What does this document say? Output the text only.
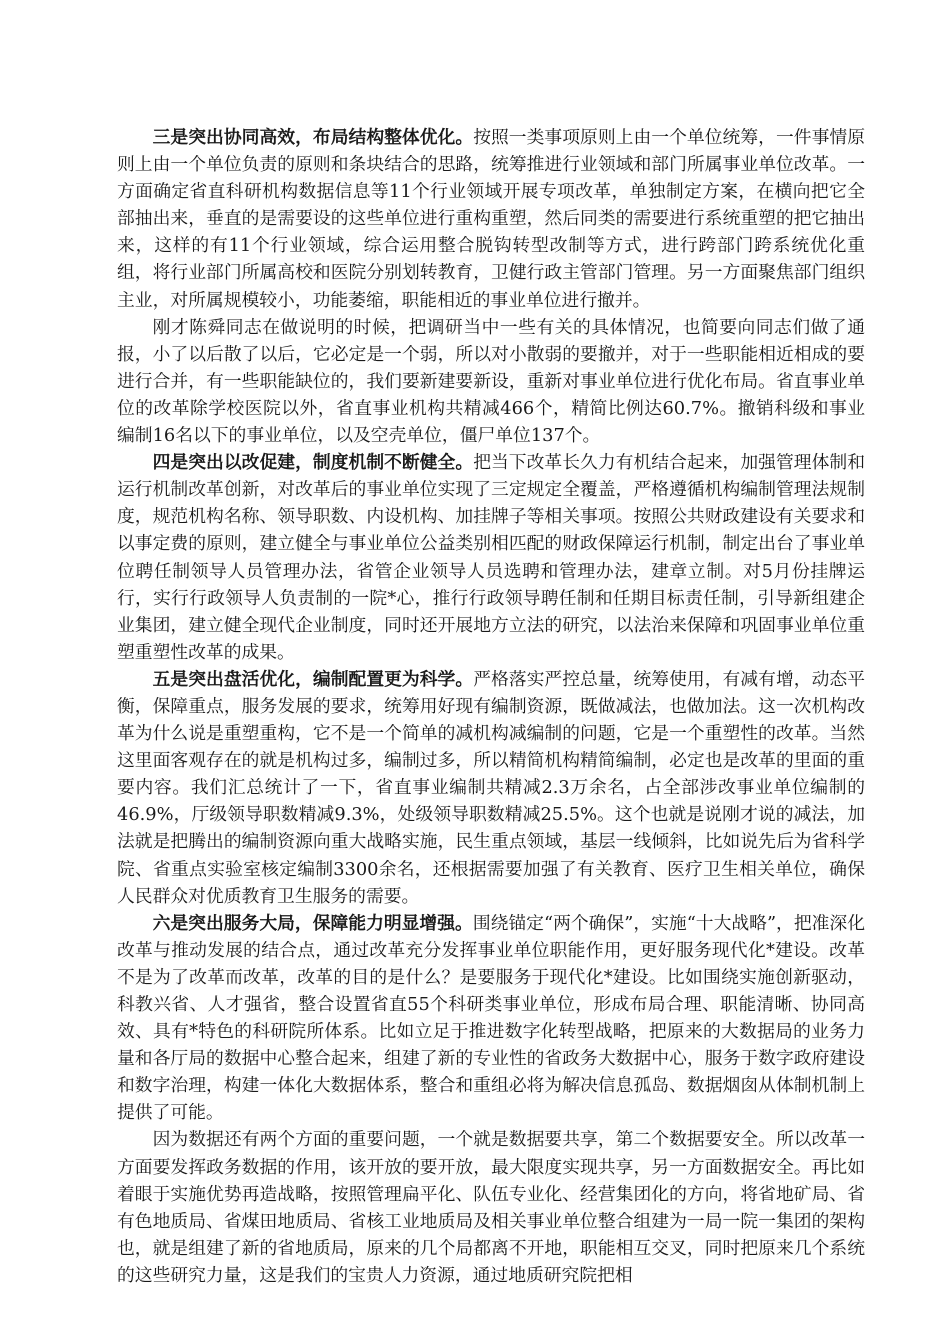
三是突出协同高效，布局结构整体优化。按照一类事项原则上由一个单位统筹，一件事情原则上由一个单位负责的原则和条块结合的思路，统筹推进行业领域和部门所属事业单位改革。一方面确定省直科研机构数据信息等11个行业领域开展专项改革，单独制定方案，在横向把它全部抽出来，垂直的是需要设的这些单位进行重构重塑，然后同类的需要进行系统重塑的把它抽出来，这样的有11个行业领域，综合运用整合脱钩转型改制等方式，进行跨部门跨系统优化重组，将行业部门所属高校和医院分别划转教育，卫健行政主管部门管理。另一方面聚焦部门组织主业，对所属规模较小，功能萎缩，职能相近的事业单位进行撤并。

刚才陈舜同志在做说明的时候，把调研当中一些有关的具体情况，也简要向同志们做了通报，小了以后散了以后，它必定是一个弱，所以对小散弱的要撤并，对于一些职能相近相成的要进行合并，有一些职能缺位的，我们要新建要新设，重新对事业单位进行优化布局。省直事业单位的改革除学校医院以外，省直事业机构共精减466个，精简比例达60.7%。撤销科级和事业编制16名以下的事业单位，以及空壳单位，僵尸单位137个。

四是突出以改促建，制度机制不断健全。把当下改革长久力有机结合起来，加强管理体制和运行机制改革创新，对改革后的事业单位实现了三定规定全覆盖，严格遵循机构编制管理法规制度，规范机构名称、领导职数、内设机构、加挂牌子等相关事项。按照公共财政建设有关要求和以事定费的原则，建立健全与事业单位公益类别相匹配的财政保障运行机制，制定出台了事业单位聘任制领导人员管理办法，省管企业领导人员选聘和管理办法，建章立制。对5月份挂牌运行，实行行政领导人负责制的一院*心，推行行政领导聘任制和任期目标责任制，引导新组建企业集团，建立健全现代企业制度，同时还开展地方立法的研究，以法治来保障和巩固事业单位重塑重塑性改革的成果。

五是突出盘活优化，编制配置更为科学。严格落实严控总量，统筹使用，有减有增，动态平衡，保障重点，服务发展的要求，统筹用好现有编制资源，既做减法，也做加法。这一次机构改革为什么说是重塑重构，它不是一个简单的减机构减编制的问题，它是一个重塑性的改革。当然这里面客观存在的就是机构过多，编制过多，所以精简机构精简编制，必定也是改革的里面的重要内容。我们汇总统计了一下，省直事业编制共精减2.3万余名，占全部涉改事业单位编制的46.9%，厅级领导职数精减9.3%，处级领导职数精减25.5%。这个也就是说刚才说的减法，加法就是把腾出的编制资源向重大战略实施，民生重点领域，基层一线倾斜，比如说先后为省科学院、省重点实验室核定编制3300余名，还根据需要加强了有关教育、医疗卫生相关单位，确保人民群众对优质教育卫生服务的需要。

六是突出服务大局，保障能力明显增强。围绕锚定“两个确保”，实施“十大战略”，把准深化改革与推动发展的结合点，通过改革充分发挥事业单位职能作用，更好服务现代化*建设。改革不是为了改革而改革，改革的目的是什么？是要服务于现代化*建设。比如围绕实施创新驱动，科教兴省、人才强省，整合设置省直55个科研类事业单位，形成布局合理、职能清晰、协同高效、具有*特色的科研院所体系。比如立足于推进数字化转型战略，把原来的大数据局的业务力量和各厅局的数据中心整合起来，组建了新的专业性的省政务大数据中心，服务于数字政府建设和数字治理，构建一体化大数据体系，整合和重组必将为解决信息孤岛、数据烟囱从体制机制上提供了可能。

因为数据还有两个方面的重要问题，一个就是数据要共享，第二个数据要安全。所以改革一方面要发挥政务数据的作用，该开放的要开放，最大限度实现共享，另一方面数据安全。再比如着眼于实施优势再造战略，按照管理扁平化、队伍专业化、经营集团化的方向，将省地矿局、省有色地质局、省煤田地质局、省核工业地质局及相关事业单位整合组建为一局一院一集团的架构也，就是组建了新的省地质局，原来的几个局都离不开地，职能相互交叉，同时把原来几个系统的这些研究力量，这是我们的宝贵人力资源，通过地质研究院把相
